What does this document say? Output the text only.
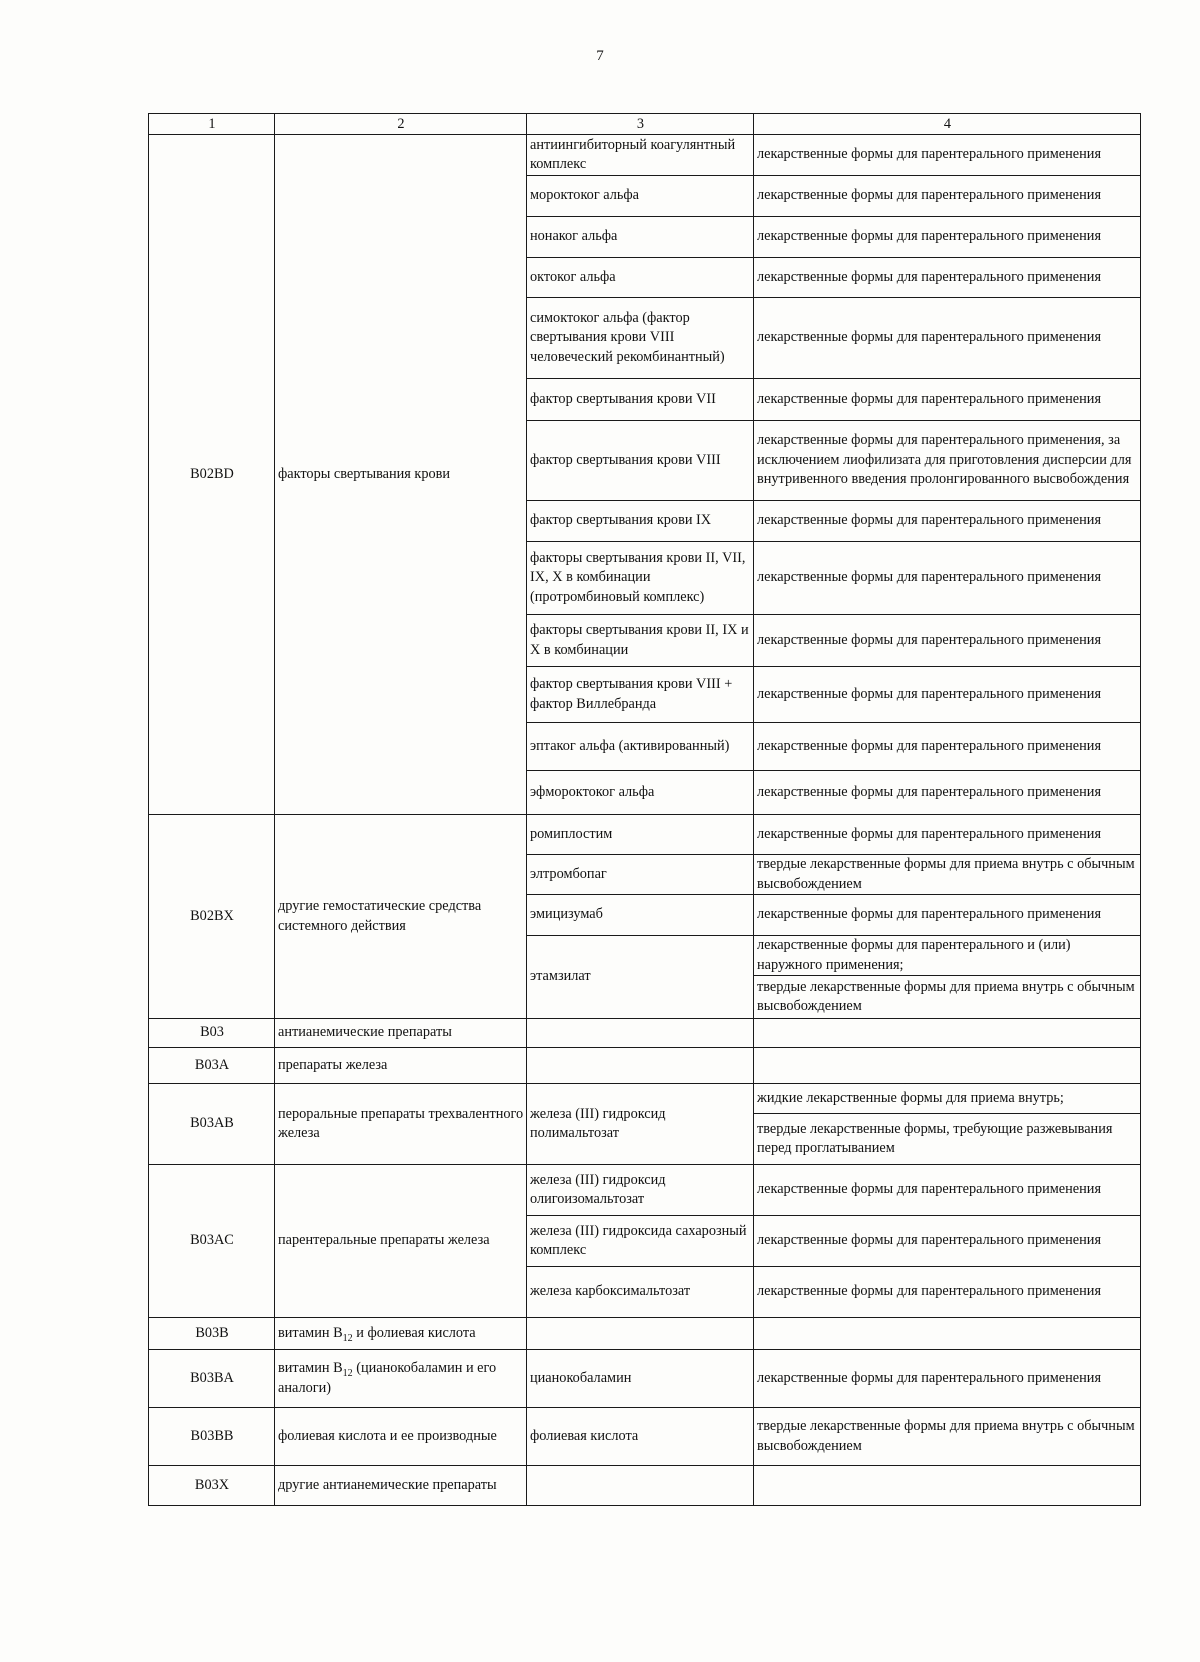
7
1	2	3	4
B02BD	факторы свертывания крови	антиингибиторный коагулянтный комплекс	лекарственные формы для парентерального применения
		мороктоког альфа	лекарственные формы для парентерального применения
		нонаког альфа	лекарственные формы для парентерального применения
		октоког альфа	лекарственные формы для парентерального применения
		симоктоког альфа (фактор свертывания крови VIII человеческий рекомбинантный)	лекарственные формы для парентерального применения
		фактор свертывания крови VII	лекарственные формы для парентерального применения
		фактор свертывания крови VIII	лекарственные формы для парентерального применения, за исключением лиофилизата для приготовления дисперсии для внутривенного введения пролонгированного высвобождения
		фактор свертывания крови IX	лекарственные формы для парентерального применения
		факторы свертывания крови II, VII, IX, X в комбинации (протромбиновый комплекс)	лекарственные формы для парентерального применения
		факторы свертывания крови II, IX и X в комбинации	лекарственные формы для парентерального применения
		фактор свертывания крови VIII + фактор Виллебранда	лекарственные формы для парентерального применения
		эптаког альфа (активированный)	лекарственные формы для парентерального применения
		эфмороктоког альфа	лекарственные формы для парентерального применения
B02BX	другие гемостатические средства системного действия	ромиплостим	лекарственные формы для парентерального применения
		элтромбопаг	твердые лекарственные формы для приема внутрь с обычным высвобождением
		эмицизумаб	лекарственные формы для парентерального применения
		этамзилат	лекарственные формы для парентерального и (или) наружного применения;
			твердые лекарственные формы для приема внутрь с обычным высвобождением
B03	антианемические препараты		
B03A	препараты железа		
B03AB	пероральные препараты трехвалентного железа	железа (III) гидроксид полимальтозат	жидкие лекарственные формы для приема внутрь;
			твердые лекарственные формы, требующие разжевывания перед проглатыванием
B03AC	парентеральные препараты железа	железа (III) гидроксид олигоизомальтозат	лекарственные формы для парентерального применения
		железа (III) гидроксида сахарозный комплекс	лекарственные формы для парентерального применения
		железа карбоксимальтозат	лекарственные формы для парентерального применения
B03B	витамин $B_{12}$ и фолиевая кислота		
B03BA	витамин $B_{12}$ (цианокобаламин и его аналоги)	цианокобаламин	лекарственные формы для парентерального применения
B03BB	фолиевая кислота и ее производные	фолиевая кислота	твердые лекарственные формы для приема внутрь с обычным высвобождением
B03X	другие антианемические препараты		
